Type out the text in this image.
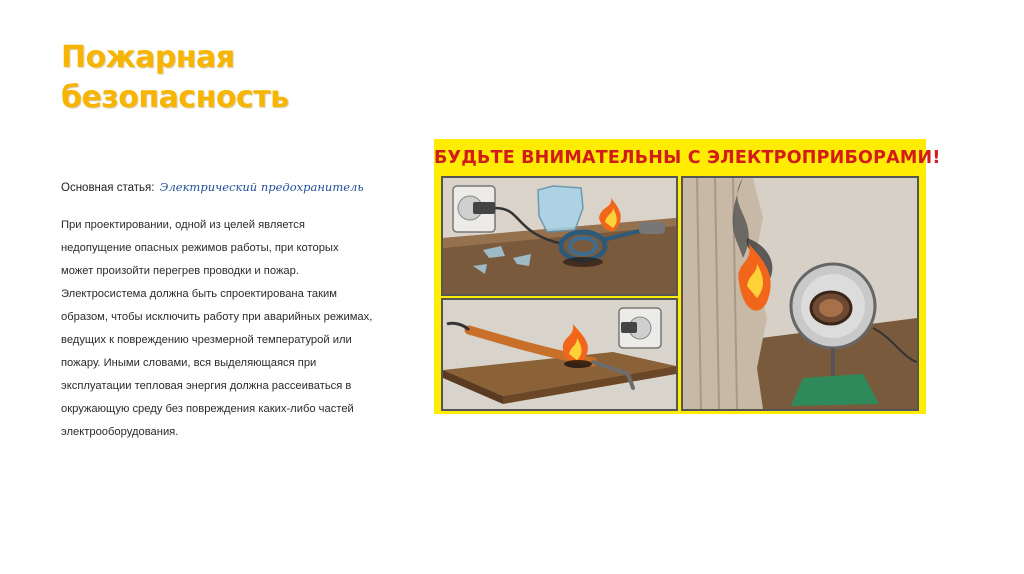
Пожарная
безопасность
Основная статья: Электрический предохранитель

При проектировании, одной из целей является

недопущение опасных режимов работы, при которых

может произойти перегрев проводки и пожар.

Электросистема должна быть спроектирована таким

образом, чтобы исключить работу при аварийных режимах,

ведущих к повреждению чрезмерной температурой или

пожару. Иными словами, вся выделяющаяся при

эксплуатации тепловая энергия должна рассеиваться в

окружающую среду без повреждения каких-либо частей

электрооборудования.

БУДЬТЕ ВНИМАТЕЛЬНЫ С ЭЛЕКТРОПРИБОРАМИ!
